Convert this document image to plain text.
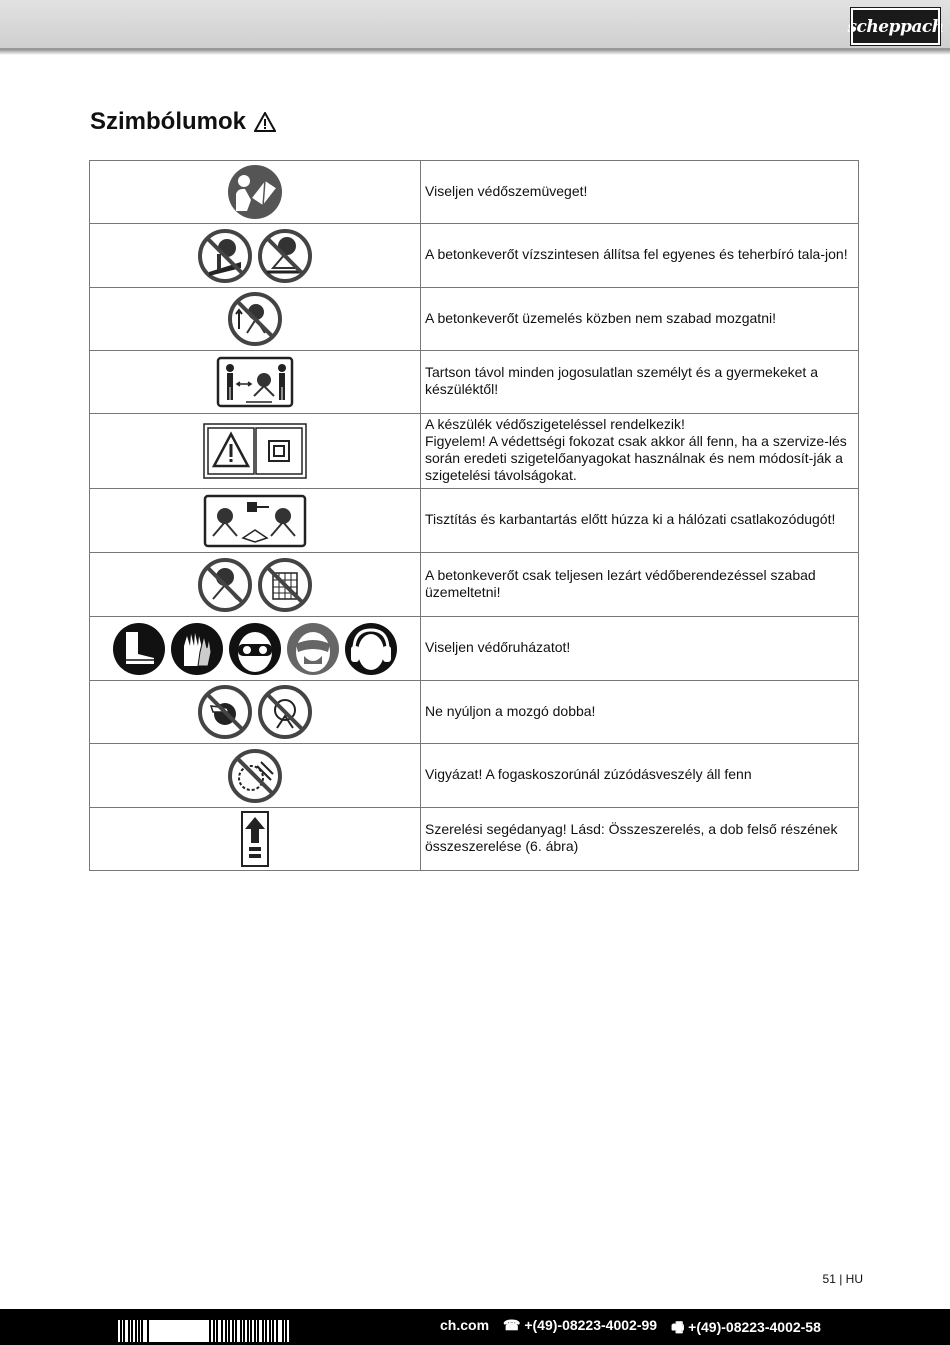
scheppach
Szimbólumok
	Viseljen védőszemüveget!

	A betonkeverőt vízszintesen állítsa fel egyenes és teherbíró tala-jon!

	A betonkeverőt üzemelés közben nem szabad mozgatni!

	Tartson távol minden jogosulatlan személyt és a gyermekeket a készüléktől!

	A készülék védőszigeteléssel rendelkezik!
Figyelem! A védettségi fokozat csak akkor áll fenn, ha a szervize-lés során eredeti szigetelőanyagokat használnak és nem módosít-ják a szigetelési távolságokat.

	Tisztítás és karbantartás előtt húzza ki a hálózati csatlakozódugót!

	A betonkeverőt csak teljesen lezárt védőberendezéssel szabad üzemeltetni!

	Viseljen védőruházatot!

	Ne nyúljon a mozgó dobba!

	Vigyázat! A fogaskoszorúnál zúzódásveszély áll fenn

	Szerelési segédanyag! Lásd: Összeszerelés, a dob felső részének összeszerelése (6. ábra)
51 | HU
ch.com ☎ +(49)-08223-4002-99 🖷 +(49)-08223-4002-58
